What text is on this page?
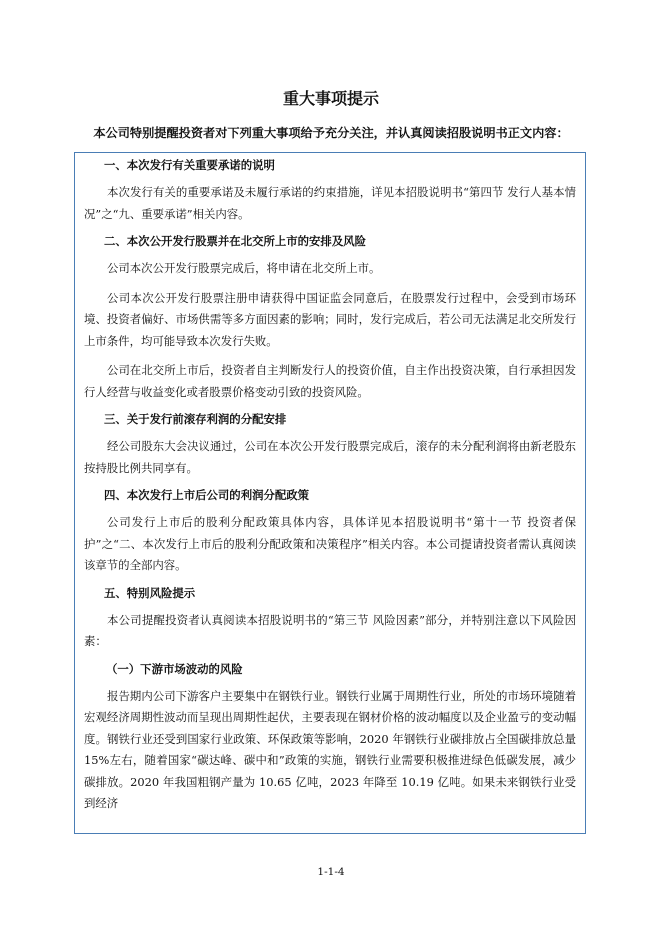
重大事项提示
本公司特别提醒投资者对下列重大事项给予充分关注，并认真阅读招股说明书正文内容：
一、本次发行有关重要承诺的说明

本次发行有关的重要承诺及未履行承诺的约束措施，详见本招股说明书“第四节 发行人基本情况”之“九、重要承诺”相关内容。

二、本次公开发行股票并在北交所上市的安排及风险

公司本次公开发行股票完成后，将申请在北交所上市。

公司本次公开发行股票注册申请获得中国证监会同意后，在股票发行过程中，会受到市场环境、投资者偏好、市场供需等多方面因素的影响；同时，发行完成后，若公司无法满足北交所发行上市条件，均可能导致本次发行失败。

公司在北交所上市后，投资者自主判断发行人的投资价值，自主作出投资决策，自行承担因发行人经营与收益变化或者股票价格变动引致的投资风险。

三、关于发行前滚存利润的分配安排

经公司股东大会决议通过，公司在本次公开发行股票完成后，滚存的未分配利润将由新老股东按持股比例共同享有。

四、本次发行上市后公司的利润分配政策

公司发行上市后的股利分配政策具体内容，具体详见本招股说明书“第十一节 投资者保护”之“二、本次发行上市后的股利分配政策和决策程序”相关内容。本公司提请投资者需认真阅读该章节的全部内容。

五、特别风险提示

本公司提醒投资者认真阅读本招股说明书的“第三节 风险因素”部分，并特别注意以下风险因素：

（一）下游市场波动的风险

报告期内公司下游客户主要集中在钢铁行业。钢铁行业属于周期性行业，所处的市场环境随着宏观经济周期性波动而呈现出周期性起伏，主要表现在钢材价格的波动幅度以及企业盈亏的变动幅度。钢铁行业还受到国家行业政策、环保政策等影响，2020 年钢铁行业碳排放占全国碳排放总量 15%左右，随着国家“碳达峰、碳中和”政策的实施，钢铁行业需要积极推进绿色低碳发展，减少碳排放。2020 年我国粗钢产量为 10.65 亿吨，2023 年降至 10.19 亿吨。如果未来钢铁行业受到经济

1-1-4
